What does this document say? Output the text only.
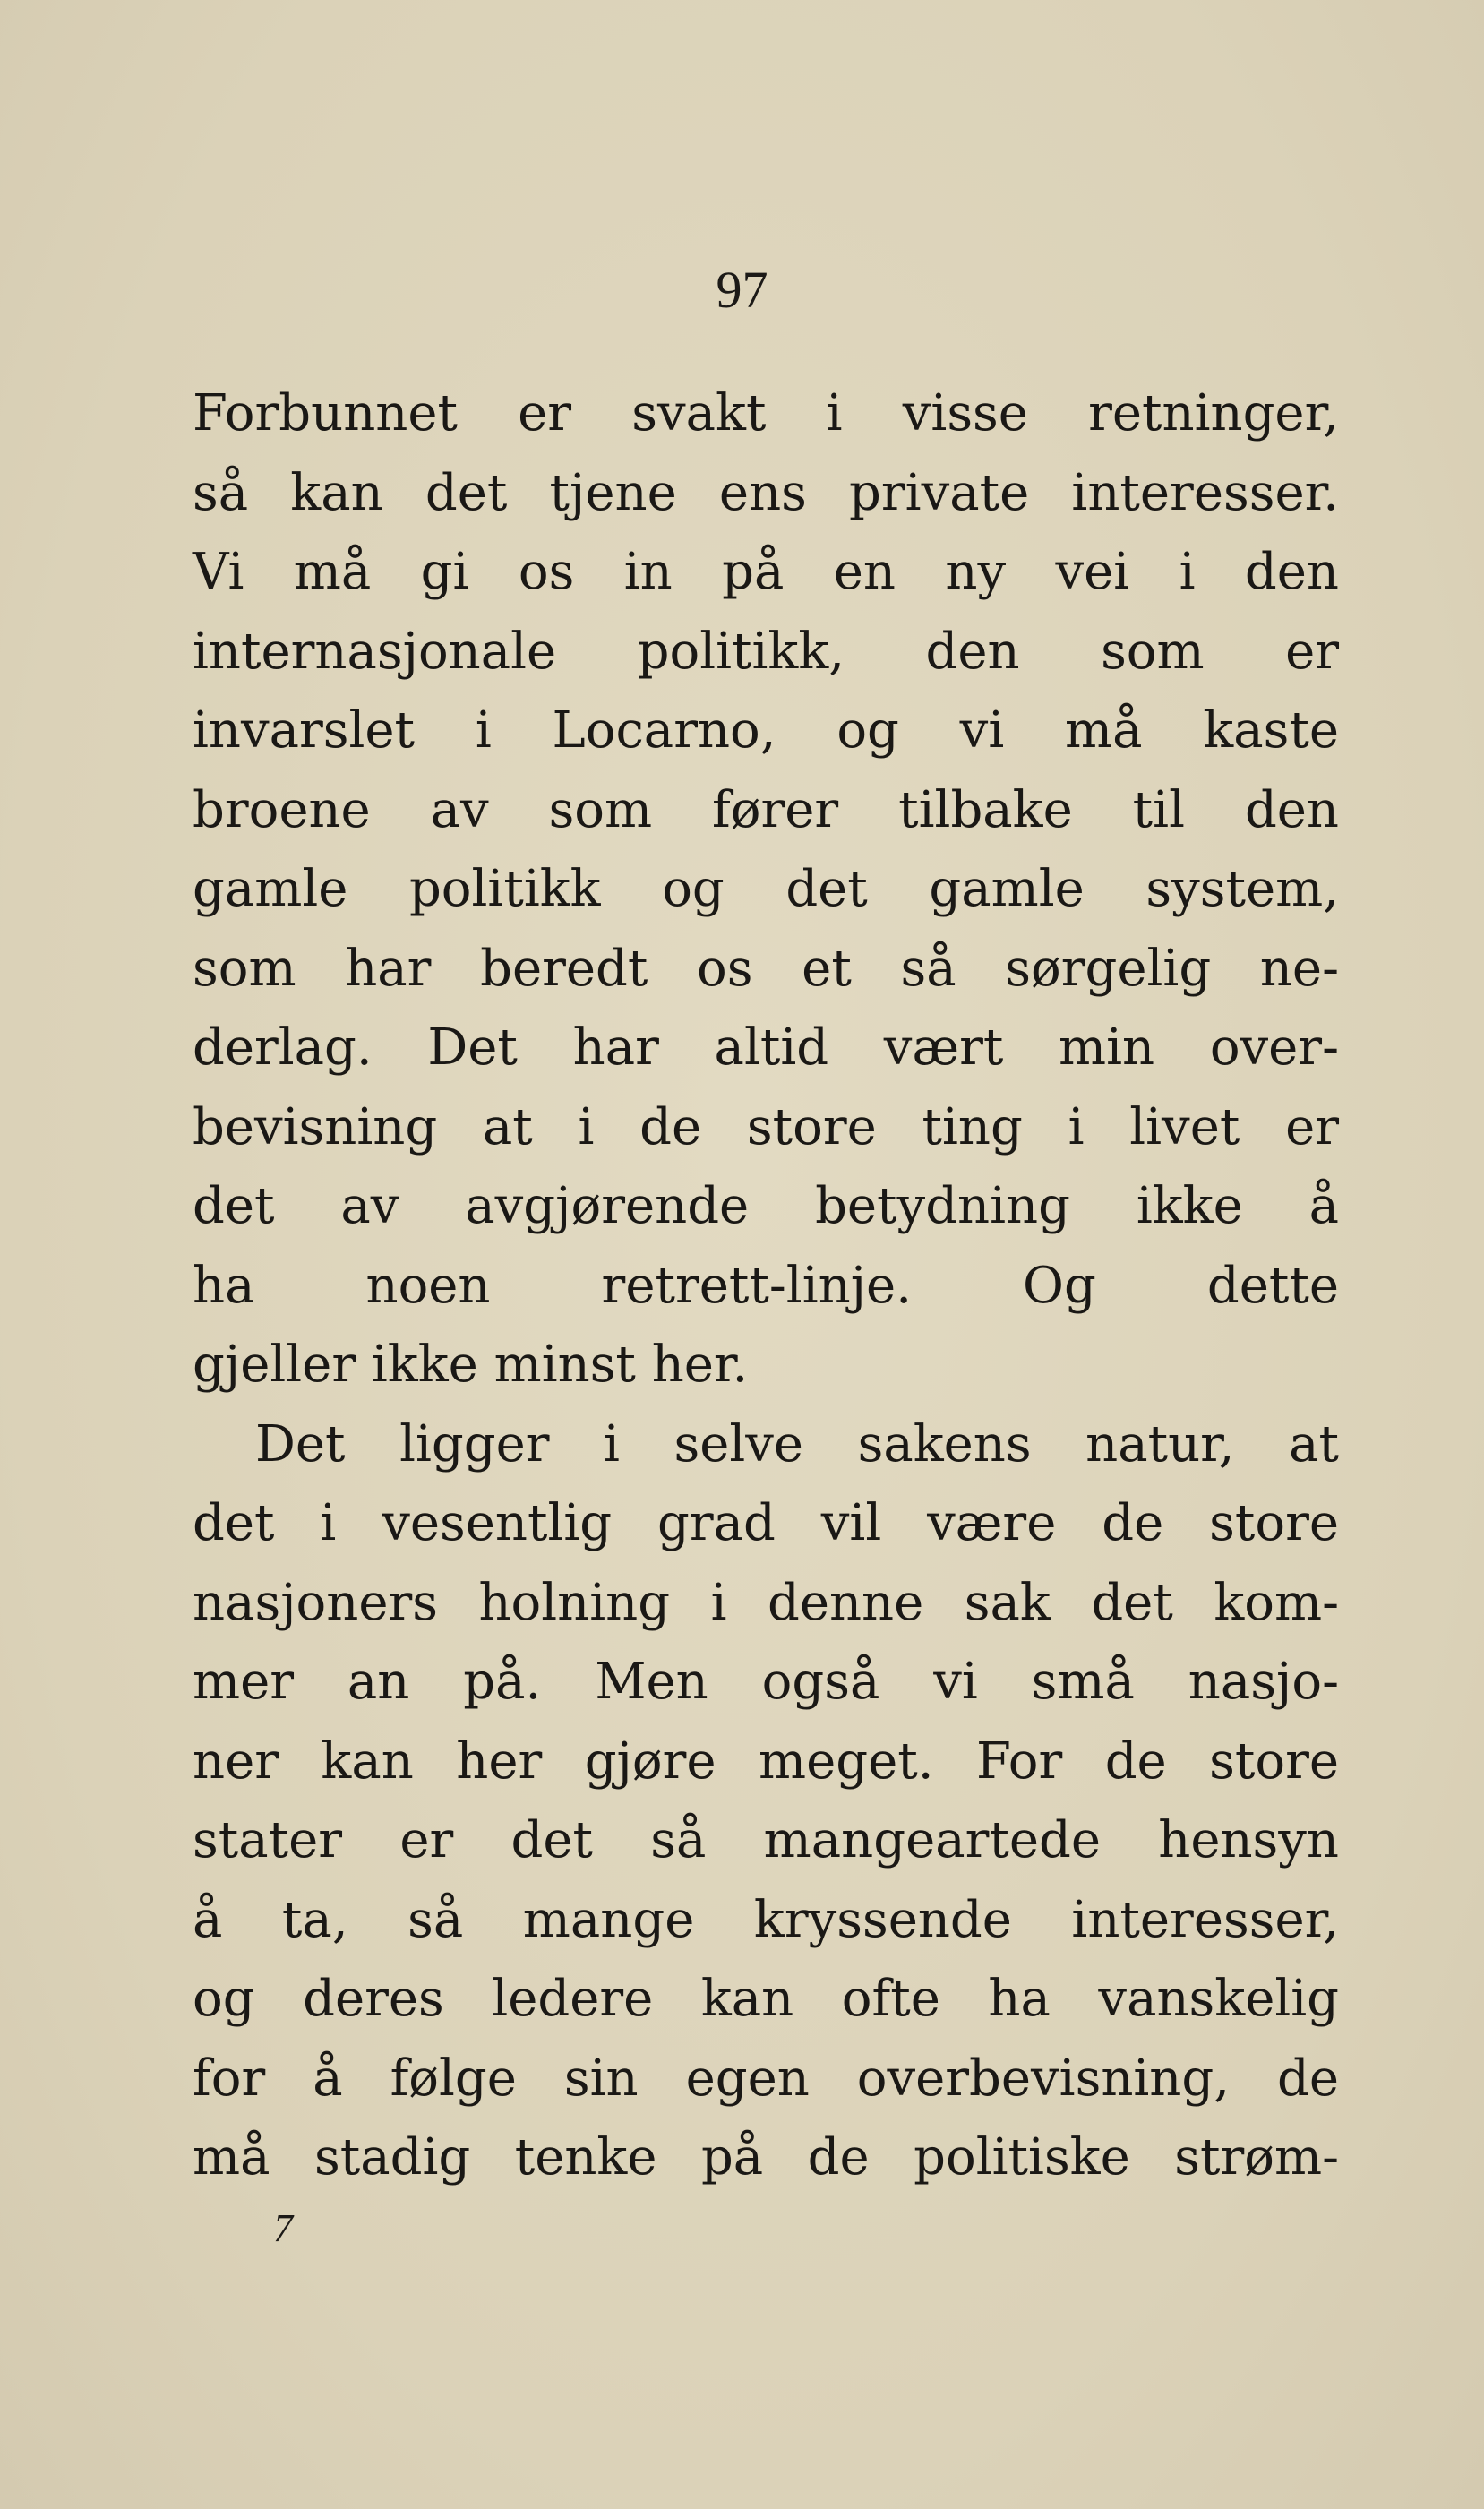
97
Forbunnet er svakt i visse retninger,
så kan det tjene ens private interesser.
Vi må gi os in på en ny vei i den
internasjonale politikk, den som er
invarslet i Locarno, og vi må kaste
broene av som fører tilbake til den
gamle politikk og det gamle system,
som har beredt os et så sørgelig ne-
derlag. Det har altid vært min over-
bevisning at i de store ting i livet er
det av avgjørende betydning ikke å
ha noen retrett-linje. Og dette
gjeller ikke minst her.
Det ligger i selve sakens natur, at
det i vesentlig grad vil være de store
nasjoners holning i denne sak det kom-
mer an på. Men også vi små nasjo-
ner kan her gjøre meget. For de store
stater er det så mangeartede hensyn
å ta, så mange kryssende interesser,
og deres ledere kan ofte ha vanskelig
for å følge sin egen overbevisning, de
må stadig tenke på de politiske strøm-
7
